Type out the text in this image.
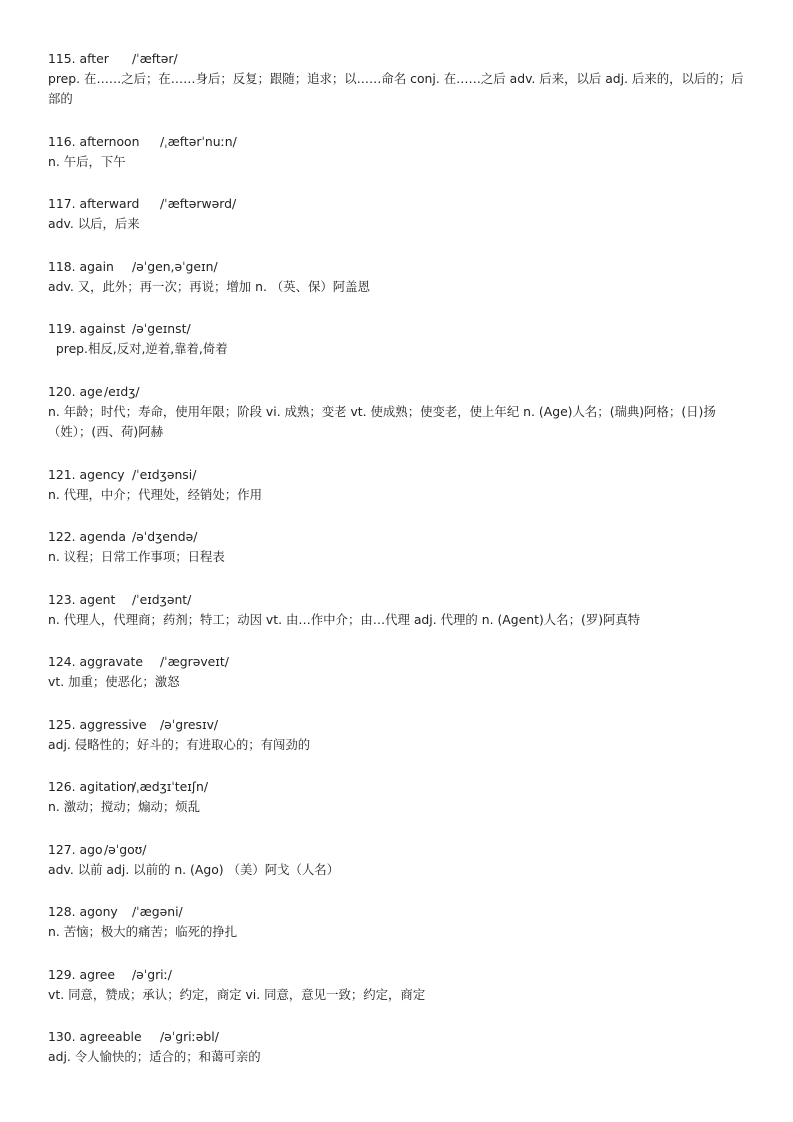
115. after /ˈæftər/
prep. 在……之后；在……身后；反复；跟随；追求；以……命名 conj. 在……之后 adv. 后来，以后 adj. 后来的，以后的；后部的
116. afternoon /ˌæftərˈnuːn/
n. 午后，下午
117. afterward /ˈæftərwərd/
adv. 以后，后来
118. again /əˈgen,əˈgeɪn/
adv. 又，此外；再一次；再说；增加 n. （英、保）阿盖恩
119. against /əˈgeɪnst/
prep.相反,反对,逆着,靠着,倚着
120. age/eɪdʒ/
n. 年龄；时代；寿命，使用年限；阶段 vi. 成熟；变老 vt. 使成熟；使变老，使上年纪 n. (Age)人名；(瑞典)阿格；(日)扬（姓）；(西、荷)阿赫
121. agency /ˈeɪdʒənsi/
n. 代理，中介；代理处，经销处；作用
122. agenda /əˈdʒendə/
n. 议程；日常工作事项；日程表
123. agent /ˈeɪdʒənt/
n. 代理人，代理商；药剂；特工；动因 vt. 由…作中介；由…代理 adj. 代理的 n. (Agent)人名；(罗)阿真特
124. aggravate /ˈægrəveɪt/
vt. 加重；使恶化；激怒
125. aggressive /əˈgresɪv/
adj. 侵略性的；好斗的；有进取心的；有闯劲的
126. agitation/ˌædʒɪˈteɪʃn/
n. 激动；搅动；煽动；烦乱
127. ago/əˈgoʊ/
adv. 以前 adj. 以前的 n. (Ago) （美）阿戈（人名）
128. agony /ˈægəni/
n. 苦恼；极大的痛苦；临死的挣扎
129. agree /əˈgriː/
vt. 同意，赞成；承认；约定，商定 vi. 同意，意见一致；约定，商定
130. agreeable /əˈgriːəbl/
adj. 令人愉快的；适合的；和蔼可亲的
